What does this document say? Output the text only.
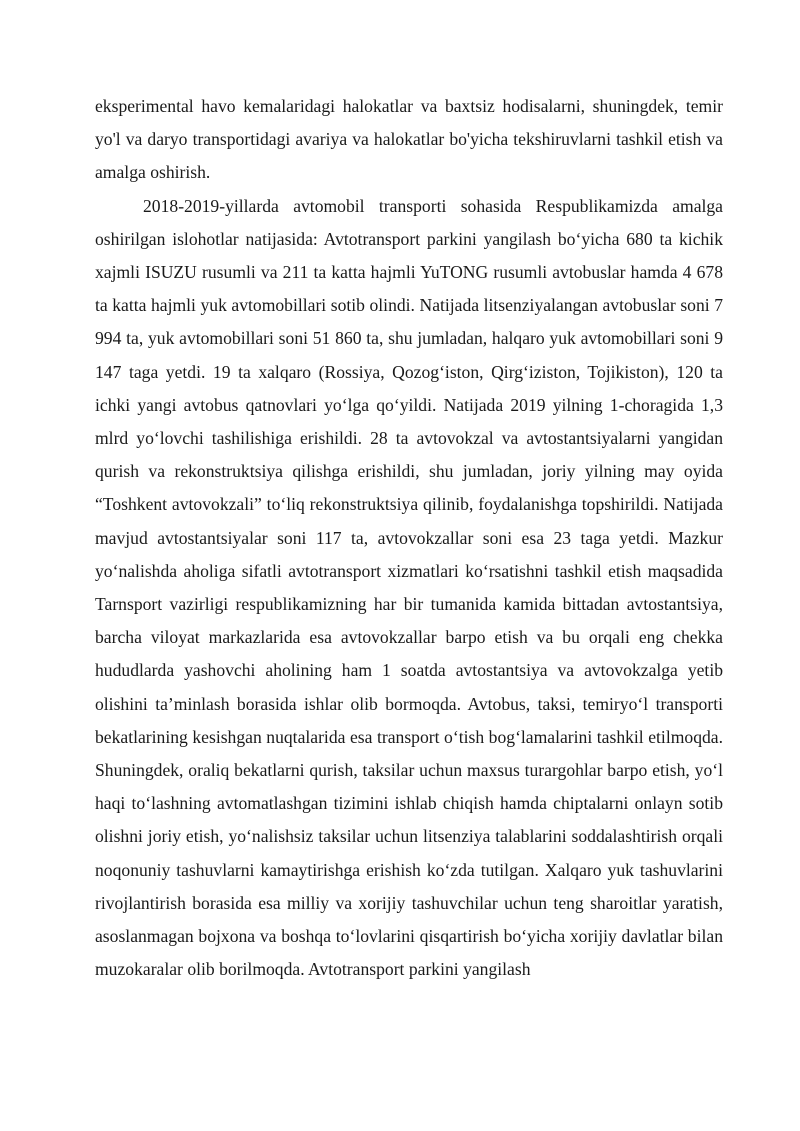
eksperimental havo kemalaridagi halokatlar va baxtsiz hodisalarni, shuningdek, temir yo'l va daryo transportidagi avariya va halokatlar bo'yicha tekshiruvlarni tashkil etish va amalga oshirish.

2018-2019-yillarda avtomobil transporti sohasida Respublikamizda amalga oshirilgan islohotlar natijasida: Avtotransport parkini yangilash boʻyicha 680 ta kichik xajmli ISUZU rusumli va 211 ta katta hajmli YuTONG rusumli avtobuslar hamda 4 678 ta katta hajmli yuk avtomobillari sotib olindi. Natijada litsenziyalangan avtobuslar soni 7 994 ta, yuk avtomobillari soni 51 860 ta, shu jumladan, halqaro yuk avtomobillari soni 9 147 taga yetdi. 19 ta xalqaro (Rossiya, Qozogʻiston, Qirgʻiziston, Tojikiston), 120 ta ichki yangi avtobus qatnovlari yoʻlga qoʻyildi. Natijada 2019 yilning 1-choragida 1,3 mlrd yoʻlovchi tashilishiga erishildi. 28 ta avtovokzal va avtostantsiyalarni yangidan qurish va rekonstruktsiya qilishga erishildi, shu jumladan, joriy yilning may oyida “Toshkent avtovokzali” toʻliq rekonstruktsiya qilinib, foydalanishga topshirildi. Natijada mavjud avtostantsiyalar soni 117 ta, avtovokzallar soni esa 23 taga yetdi. Mazkur yoʻnalishda aholiga sifatli avtotransport xizmatlari koʻrsatishni tashkil etish maqsadida Tarnsport vazirligi respublikamizning har bir tumanida kamida bittadan avtostantsiya, barcha viloyat markazlarida esa avtovokzallar barpo etish va bu orqali eng chekka hududlarda yashovchi aholining ham 1 soatda avtostantsiya va avtovokzalga yetib olishini taʼminlash borasida ishlar olib bormoqda. Avtobus, taksi, temiryoʻl transporti bekatlarining kesishgan nuqtalarida esa transport oʻtish bogʻlamalarini tashkil etilmoqda. Shuningdek, oraliq bekatlarni qurish, taksilar uchun maxsus turargohlar barpo etish, yoʻl haqi toʻlashning avtomatlashgan tizimini ishlab chiqish hamda chiptalarni onlayn sotib olishni joriy etish, yoʻnalishsiz taksilar uchun litsenziya talablarini soddalashtirish orqali noqonuniy tashuvlarni kamaytirishga erishish koʻzda tutilgan. Xalqaro yuk tashuvlarini rivojlantirish borasida esa milliy va xorijiy tashuvchilar uchun teng sharoitlar yaratish, asoslanmagan bojxona va boshqa toʻlovlarini qisqartirish boʻyicha xorijiy davlatlar bilan muzokaralar olib borilmoqda. Avtotransport parkini yangilash
